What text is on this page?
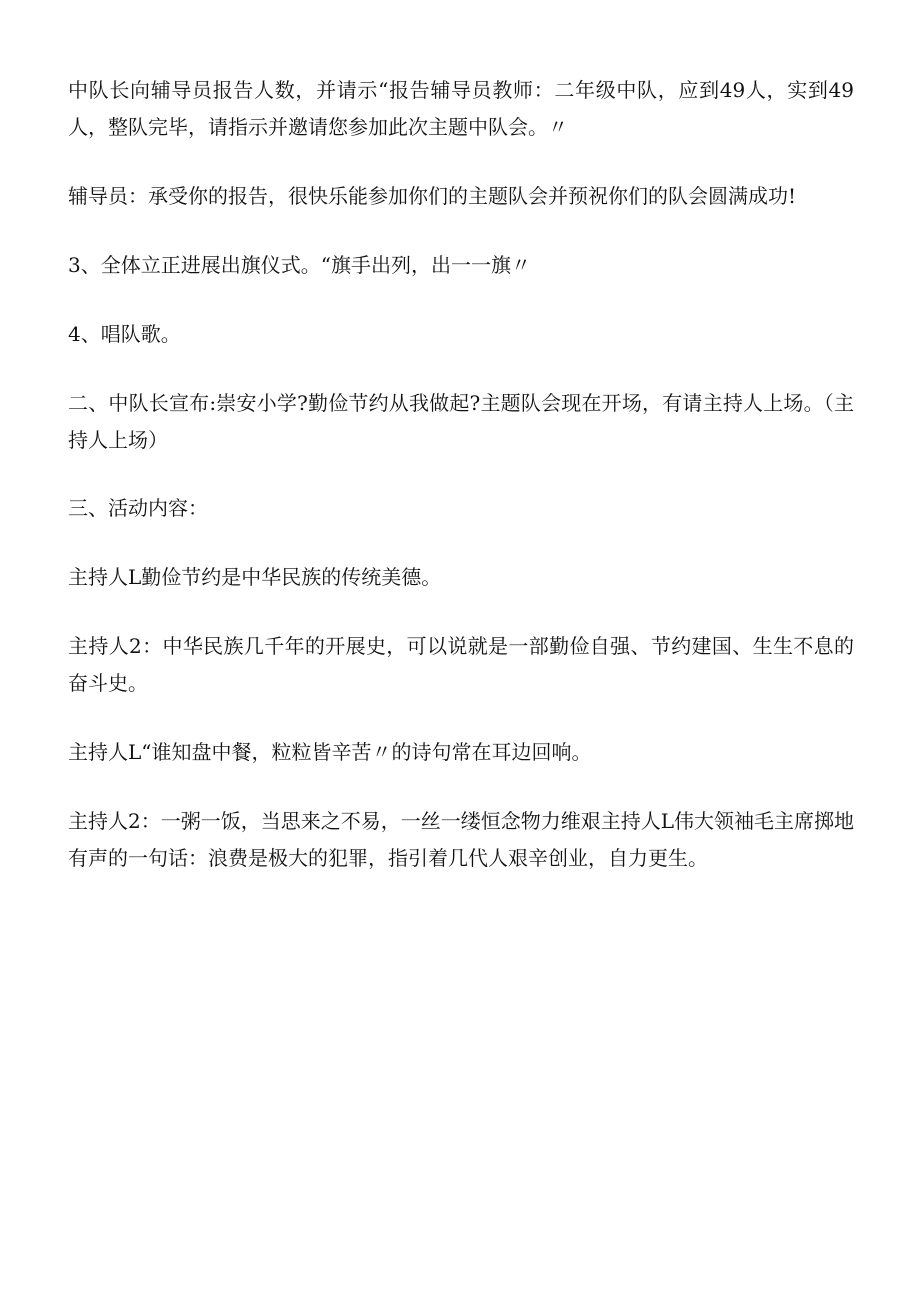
中队长向辅导员报告人数，并请示“报告辅导员教师：二年级中队，应到49人，实到49人，整队完毕，请指示并邀请您参加此次主题中队会。〃

辅导员：承受你的报告，很快乐能参加你们的主题队会并预祝你们的队会圆满成功!

3、全体立正进展出旗仪式。“旗手出列，出一一旗〃

4、唱队歌。

二、中队长宣布:崇安小学?勤俭节约从我做起?主题队会现在开场，有请主持人上场。（主持人上场）

三、活动内容：

主持人L勤俭节约是中华民族的传统美德。

主持人2：中华民族几千年的开展史，可以说就是一部勤俭自强、节约建国、生生不息的奋斗史。

主持人L“谁知盘中餐，粒粒皆辛苦〃的诗句常在耳边回响。

主持人2：一粥一饭，当思来之不易，一丝一缕恒念物力维艰主持人L伟大领袖毛主席掷地有声的一句话：浪费是极大的犯罪，指引着几代人艰辛创业，自力更生。
